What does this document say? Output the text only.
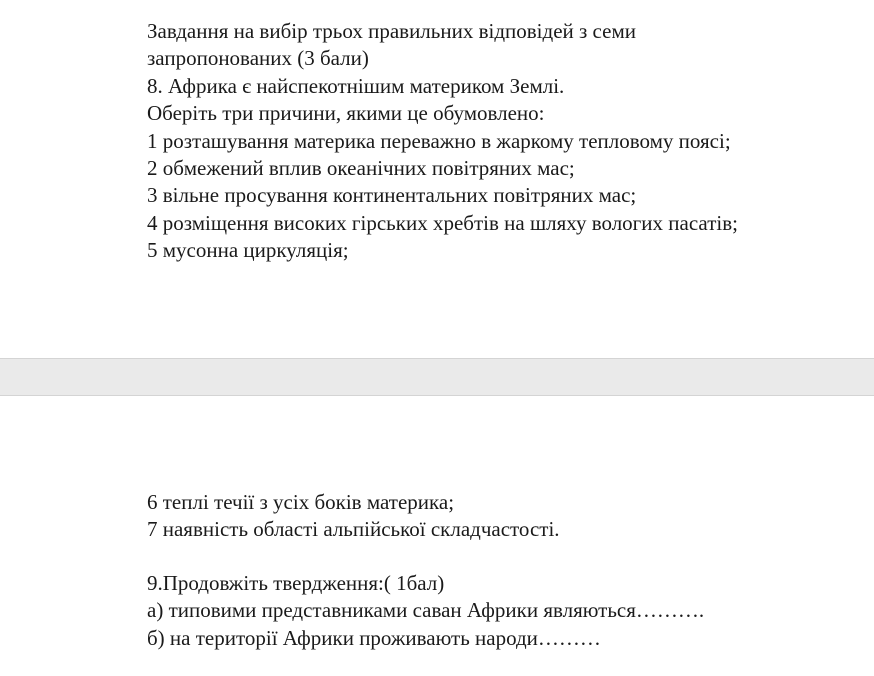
Завдання на вибір трьох правильних відповідей з семи
запропонованих (3 бали)
8. Африка є найспекотнішим материком Землі.
Оберіть три причини, якими це обумовлено:
1 розташування материка переважно в жаркому тепловому поясі;
2 обмежений вплив океанічних повітряних мас;
3 вільне просування континентальних повітряних мас;
4 розміщення високих гірських хребтів на шляху вологих пасатів;
5 мусонна циркуляція;
6 теплі течії з усіх боків материка;
7 наявність області альпійської складчастості.
9.Продовжіть твердження:( 1бал)
а) типовими представниками саван Африки являються……….
б) на території Африки проживають народи………
